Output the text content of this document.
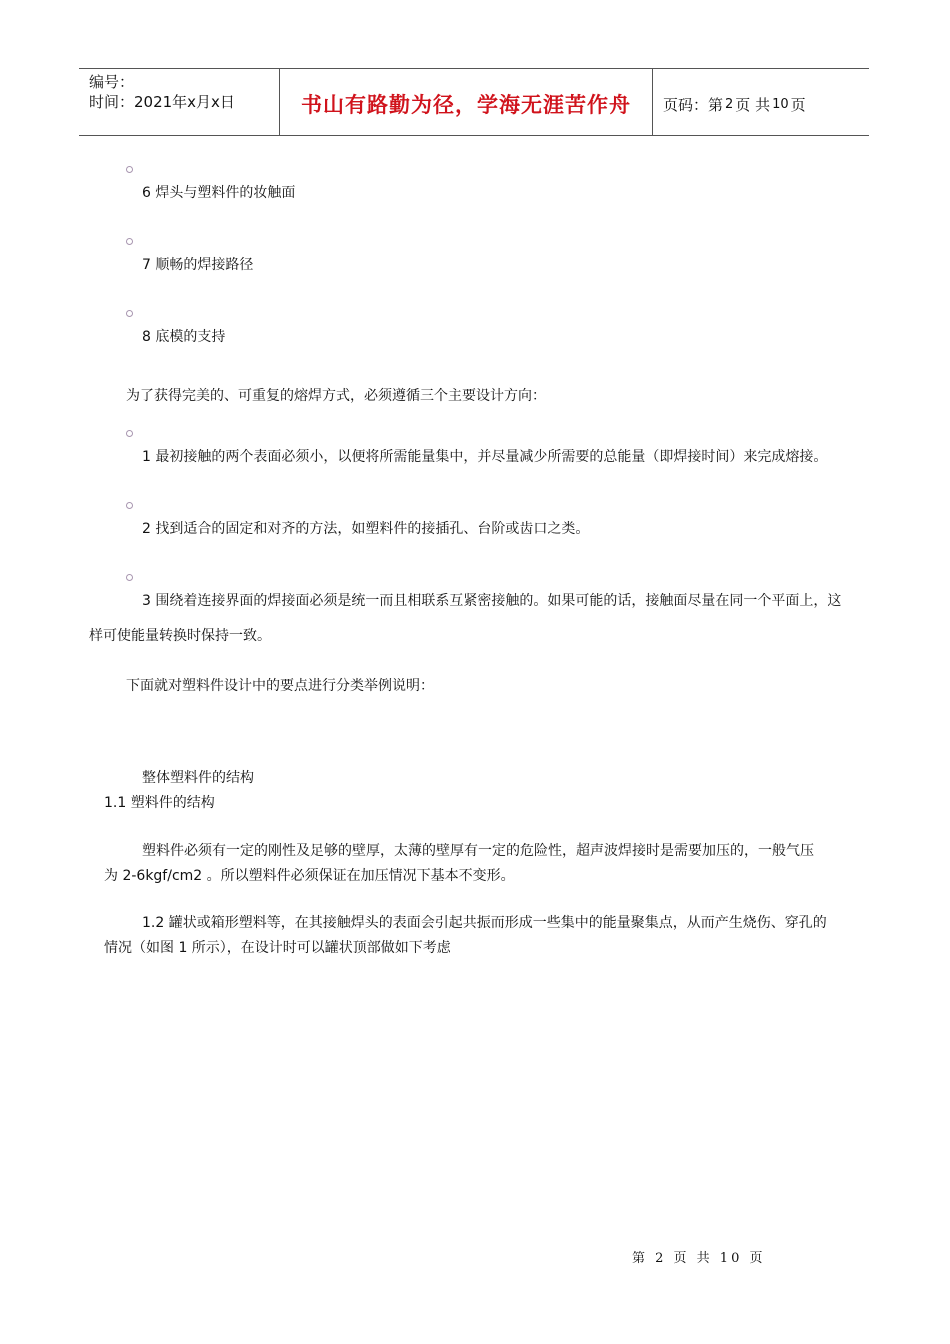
编号：
时间：2021年x月x日	书山有路勤为径，学海无涯苦作舟 页码：第 2 页 共 10 页
6 焊头与塑料件的妆触面
7 顺畅的焊接路径
8 底模的支持
为了获得完美的、可重复的熔焊方式，必须遵循三个主要设计方向：
1 最初接触的两个表面必须小，以便将所需能量集中，并尽量减少所需要的总能量（即焊接时间）来完成熔接。
2 找到适合的固定和对齐的方法，如塑料件的接插孔、台阶或齿口之类。
3 围绕着连接界面的焊接面必须是统一而且相联系互紧密接触的。如果可能的话，接触面尽量在同一个平面上，这
样可使能量转换时保持一致。
下面就对塑料件设计中的要点进行分类举例说明：
整体塑料件的结构
1.1 塑料件的结构
塑料件必须有一定的刚性及足够的壁厚，太薄的壁厚有一定的危险性，超声波焊接时是需要加压的，一般气压
为 2-6kgf/cm2 。所以塑料件必须保证在加压情况下基本不变形。
1.2 罐状或箱形塑料等，在其接触焊头的表面会引起共振而形成一些集中的能量聚集点，从而产生烧伤、穿孔的
情况（如图 1 所示），在设计时可以罐状顶部做如下考虑
第 2 页 共 10 页
